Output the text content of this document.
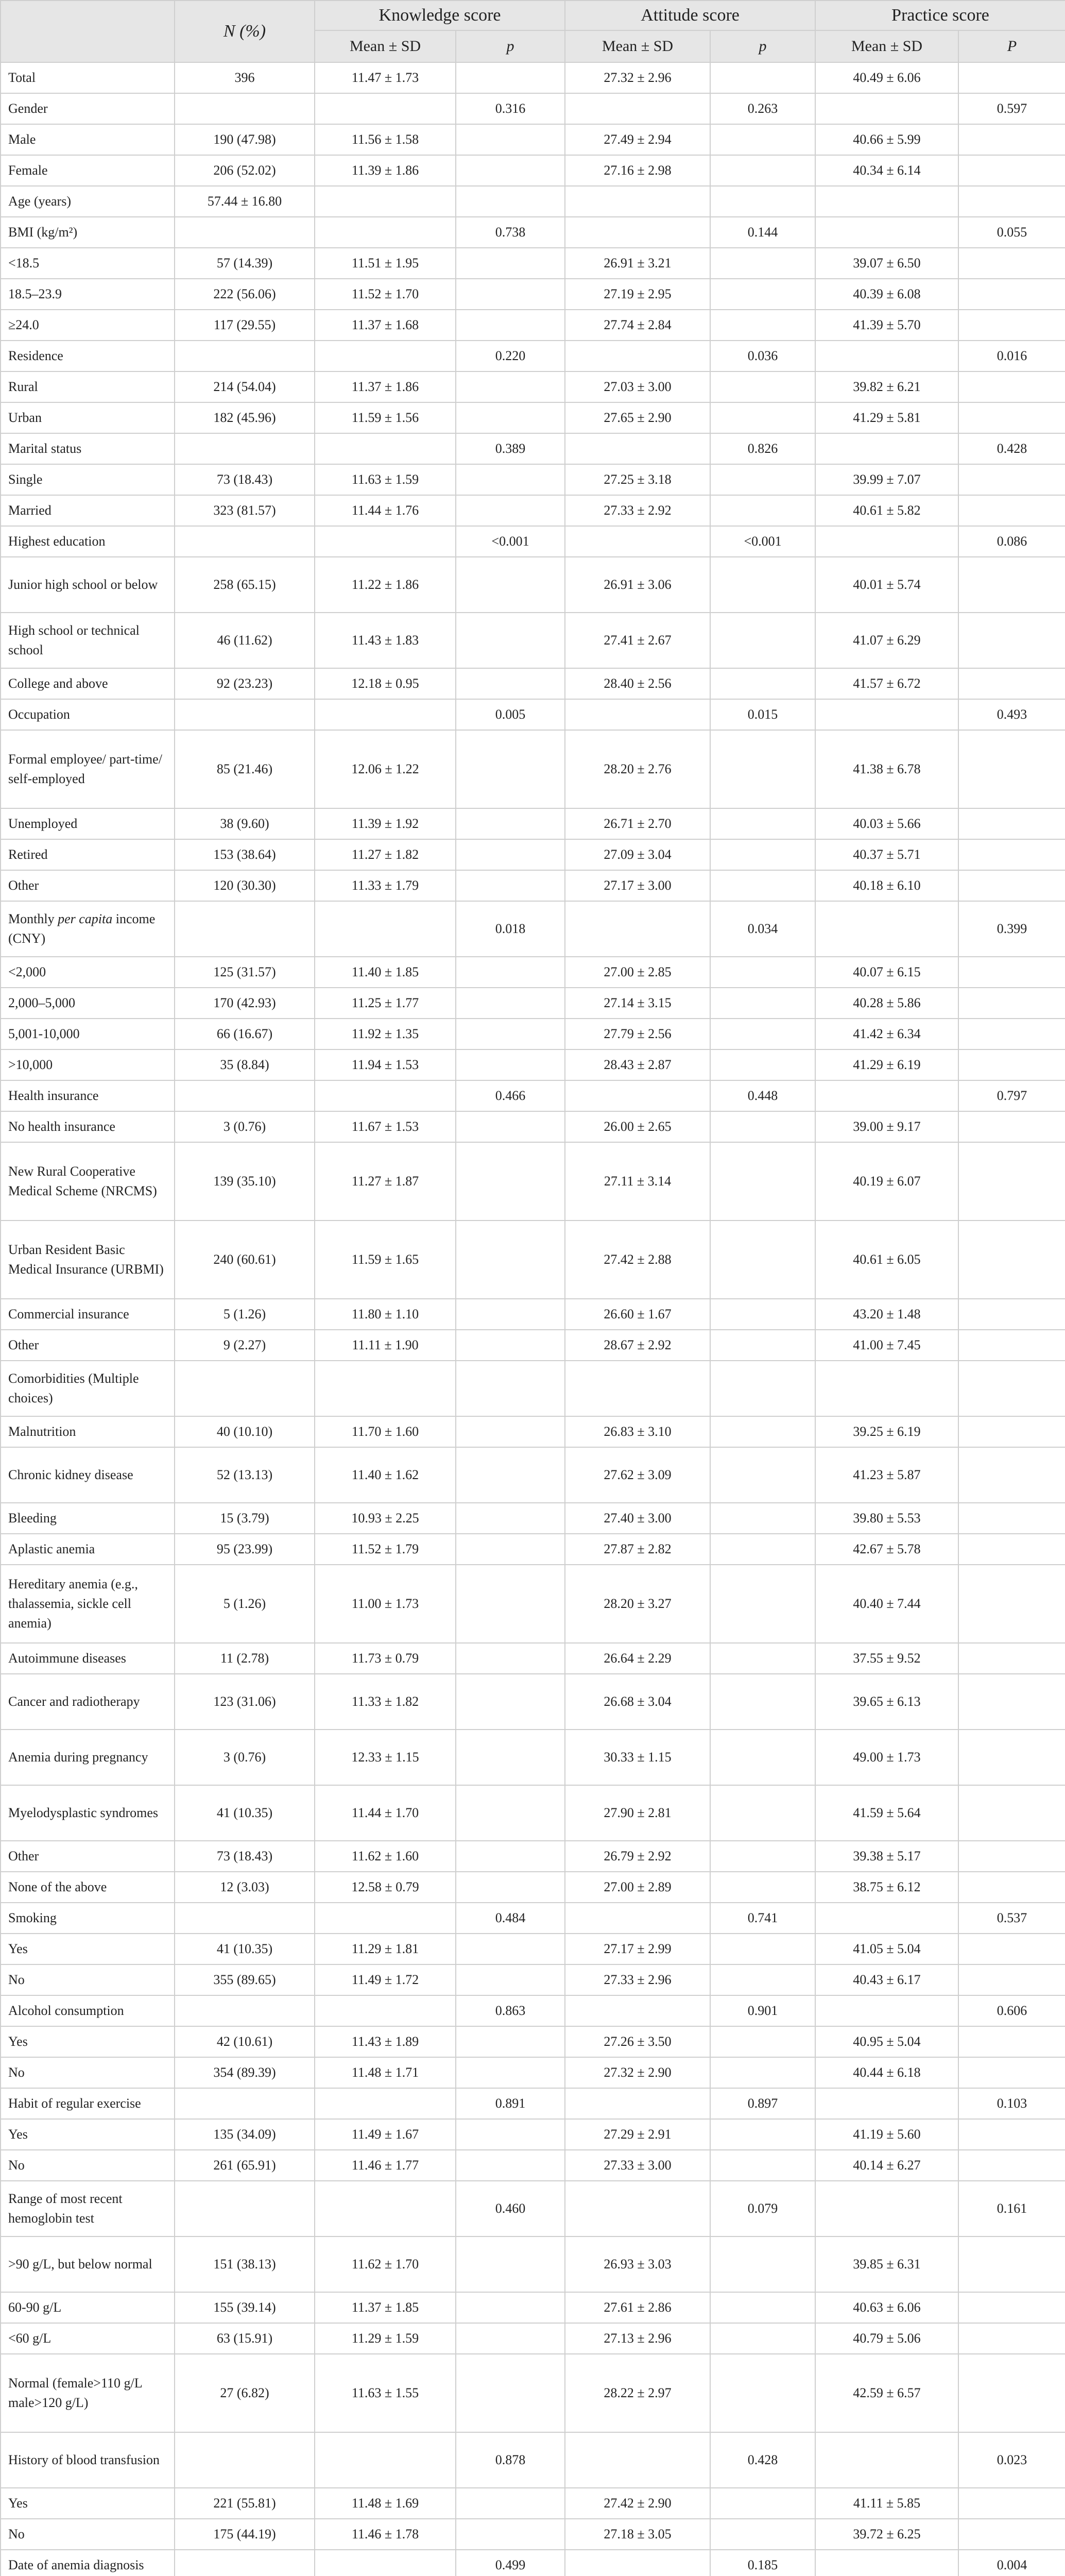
	N (%)	Knowledge score		Attitude score		Practice score	
		Mean ± SD	p	Mean ± SD	p	Mean ± SD	P
Total	396	11.47 ± 1.73		27.32 ± 2.96		40.49 ± 6.06	
Gender			0.316		0.263		0.597
Male	190 (47.98)	11.56 ± 1.58		27.49 ± 2.94		40.66 ± 5.99	
Female	206 (52.02)	11.39 ± 1.86		27.16 ± 2.98		40.34 ± 6.14	
Age (years)	57.44 ± 16.80						
BMI (kg/m²)			0.738		0.144		0.055
<18.5	57 (14.39)	11.51 ± 1.95		26.91 ± 3.21		39.07 ± 6.50	
18.5–23.9	222 (56.06)	11.52 ± 1.70		27.19 ± 2.95		40.39 ± 6.08	
≥24.0	117 (29.55)	11.37 ± 1.68		27.74 ± 2.84		41.39 ± 5.70	
Residence			0.220		0.036		0.016
Rural	214 (54.04)	11.37 ± 1.86		27.03 ± 3.00		39.82 ± 6.21	
Urban	182 (45.96)	11.59 ± 1.56		27.65 ± 2.90		41.29 ± 5.81	
Marital status			0.389		0.826		0.428
Single	73 (18.43)	11.63 ± 1.59		27.25 ± 3.18		39.99 ± 7.07	
Married	323 (81.57)	11.44 ± 1.76		27.33 ± 2.92		40.61 ± 5.82	
Highest education			<0.001		<0.001		0.086
Junior high school or below	258 (65.15)	11.22 ± 1.86		26.91 ± 3.06		40.01 ± 5.74	
High school or technical school	46 (11.62)	11.43 ± 1.83		27.41 ± 2.67		41.07 ± 6.29	
College and above	92 (23.23)	12.18 ± 0.95		28.40 ± 2.56		41.57 ± 6.72	
Occupation			0.005		0.015		0.493
Formal employee/ part-time/ self-employed	85 (21.46)	12.06 ± 1.22		28.20 ± 2.76		41.38 ± 6.78	
Unemployed	38 (9.60)	11.39 ± 1.92		26.71 ± 2.70		40.03 ± 5.66	
Retired	153 (38.64)	11.27 ± 1.82		27.09 ± 3.04		40.37 ± 5.71	
Other	120 (30.30)	11.33 ± 1.79		27.17 ± 3.00		40.18 ± 6.10	
Monthly per capita income (CNY)			0.018		0.034		0.399
<2,000	125 (31.57)	11.40 ± 1.85		27.00 ± 2.85		40.07 ± 6.15	
2,000–5,000	170 (42.93)	11.25 ± 1.77		27.14 ± 3.15		40.28 ± 5.86	
5,001-10,000	66 (16.67)	11.92 ± 1.35		27.79 ± 2.56		41.42 ± 6.34	
>10,000	35 (8.84)	11.94 ± 1.53		28.43 ± 2.87		41.29 ± 6.19	
Health insurance			0.466		0.448		0.797
No health insurance	3 (0.76)	11.67 ± 1.53		26.00 ± 2.65		39.00 ± 9.17	
New Rural Cooperative Medical Scheme (NRCMS)	139 (35.10)	11.27 ± 1.87		27.11 ± 3.14		40.19 ± 6.07	
Urban Resident Basic Medical Insurance (URBMI)	240 (60.61)	11.59 ± 1.65		27.42 ± 2.88		40.61 ± 6.05	
Commercial insurance	5 (1.26)	11.80 ± 1.10		26.60 ± 1.67		43.20 ± 1.48	
Other	9 (2.27)	11.11 ± 1.90		28.67 ± 2.92		41.00 ± 7.45	
Comorbidities (Multiple choices)							
Malnutrition	40 (10.10)	11.70 ± 1.60		26.83 ± 3.10		39.25 ± 6.19	
Chronic kidney disease	52 (13.13)	11.40 ± 1.62		27.62 ± 3.09		41.23 ± 5.87	
Bleeding	15 (3.79)	10.93 ± 2.25		27.40 ± 3.00		39.80 ± 5.53	
Aplastic anemia	95 (23.99)	11.52 ± 1.79		27.87 ± 2.82		42.67 ± 5.78	
Hereditary anemia (e.g., thalassemia, sickle cell anemia)	5 (1.26)	11.00 ± 1.73		28.20 ± 3.27		40.40 ± 7.44	
Autoimmune diseases	11 (2.78)	11.73 ± 0.79		26.64 ± 2.29		37.55 ± 9.52	
Cancer and radiotherapy	123 (31.06)	11.33 ± 1.82		26.68 ± 3.04		39.65 ± 6.13	
Anemia during pregnancy	3 (0.76)	12.33 ± 1.15		30.33 ± 1.15		49.00 ± 1.73	
Myelodysplastic syndromes	41 (10.35)	11.44 ± 1.70		27.90 ± 2.81		41.59 ± 5.64	
Other	73 (18.43)	11.62 ± 1.60		26.79 ± 2.92		39.38 ± 5.17	
None of the above	12 (3.03)	12.58 ± 0.79		27.00 ± 2.89		38.75 ± 6.12	
Smoking			0.484		0.741		0.537
Yes	41 (10.35)	11.29 ± 1.81		27.17 ± 2.99		41.05 ± 5.04	
No	355 (89.65)	11.49 ± 1.72		27.33 ± 2.96		40.43 ± 6.17	
Alcohol consumption			0.863		0.901		0.606
Yes	42 (10.61)	11.43 ± 1.89		27.26 ± 3.50		40.95 ± 5.04	
No	354 (89.39)	11.48 ± 1.71		27.32 ± 2.90		40.44 ± 6.18	
Habit of regular exercise			0.891		0.897		0.103
Yes	135 (34.09)	11.49 ± 1.67		27.29 ± 2.91		41.19 ± 5.60	
No	261 (65.91)	11.46 ± 1.77		27.33 ± 3.00		40.14 ± 6.27	
Range of most recent hemoglobin test			0.460		0.079		0.161
>90 g/L, but below normal	151 (38.13)	11.62 ± 1.70		26.93 ± 3.03		39.85 ± 6.31	
60-90 g/L	155 (39.14)	11.37 ± 1.85		27.61 ± 2.86		40.63 ± 6.06	
<60 g/L	63 (15.91)	11.29 ± 1.59		27.13 ± 2.96		40.79 ± 5.06	
Normal (female>110 g/L male>120 g/L)	27 (6.82)	11.63 ± 1.55		28.22 ± 2.97		42.59 ± 6.57	
History of blood transfusion			0.878		0.428		0.023
Yes	221 (55.81)	11.48 ± 1.69		27.42 ± 2.90		41.11 ± 5.85	
No	175 (44.19)	11.46 ± 1.78		27.18 ± 3.05		39.72 ± 6.25	
Date of anemia diagnosis			0.499		0.185		0.004
